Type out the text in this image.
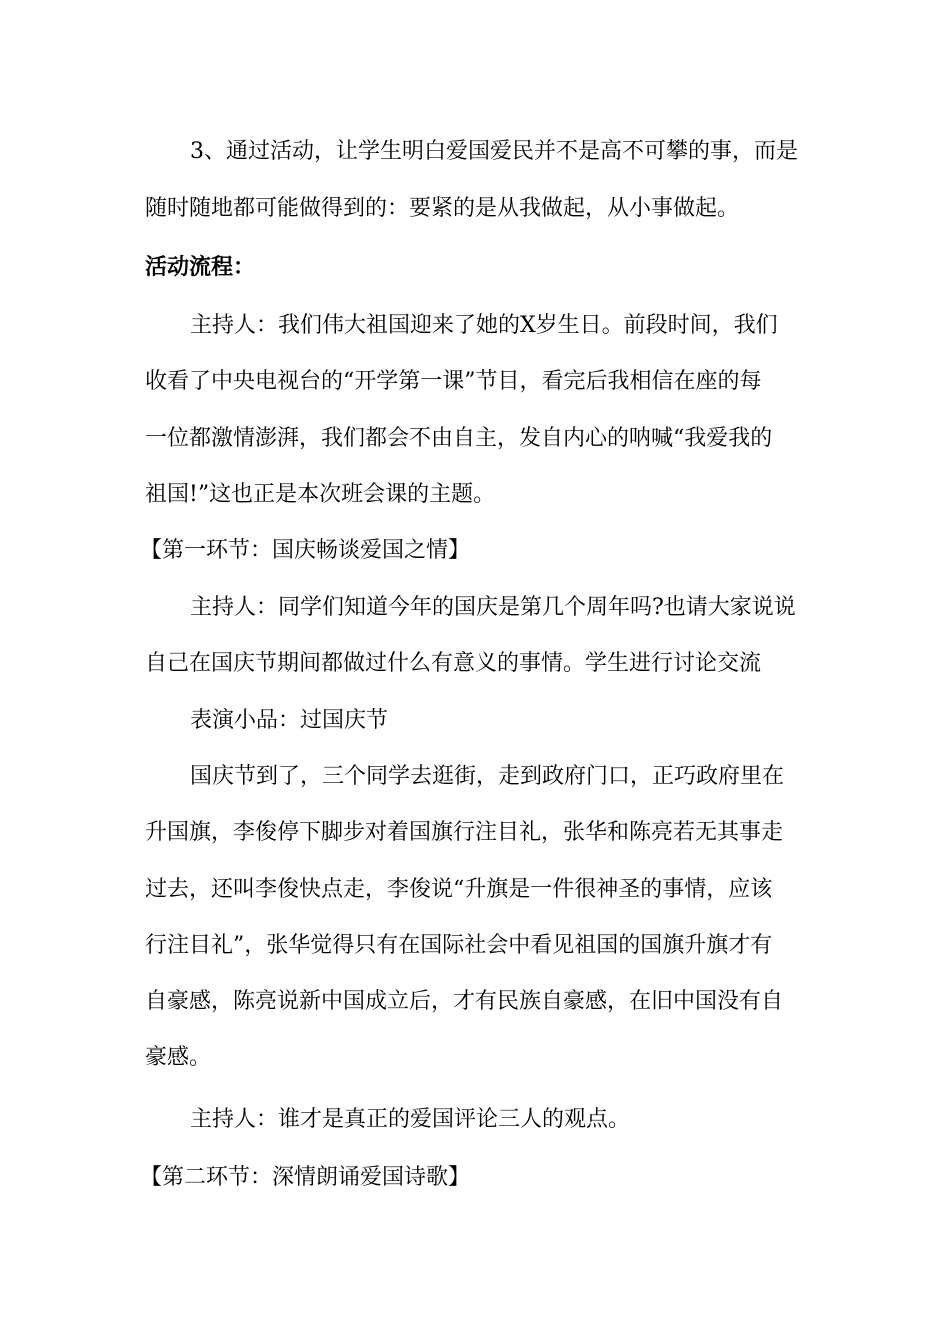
3、通过活动，让学生明白爱国爱民并不是高不可攀的事，而是
随时随地都可能做得到的：要紧的是从我做起，从小事做起。
活动流程：
主持人：我们伟大祖国迎来了她的X岁生日。前段时间，我们
收看了中央电视台的“开学第一课”节目，看完后我相信在座的每
一位都激情澎湃，我们都会不由自主，发自内心的呐喊“我爱我的
祖国!”这也正是本次班会课的主题。
【第一环节：国庆畅谈爱国之情】
主持人：同学们知道今年的国庆是第几个周年吗?也请大家说说
自己在国庆节期间都做过什么有意义的事情。学生进行讨论交流
表演小品：过国庆节
国庆节到了，三个同学去逛街，走到政府门口，正巧政府里在
升国旗，李俊停下脚步对着国旗行注目礼，张华和陈亮若无其事走
过去，还叫李俊快点走，李俊说“升旗是一件很神圣的事情，应该
行注目礼”，张华觉得只有在国际社会中看见祖国的国旗升旗才有
自豪感，陈亮说新中国成立后，才有民族自豪感，在旧中国没有自
豪感。
主持人：谁才是真正的爱国评论三人的观点。
【第二环节：深情朗诵爱国诗歌】
